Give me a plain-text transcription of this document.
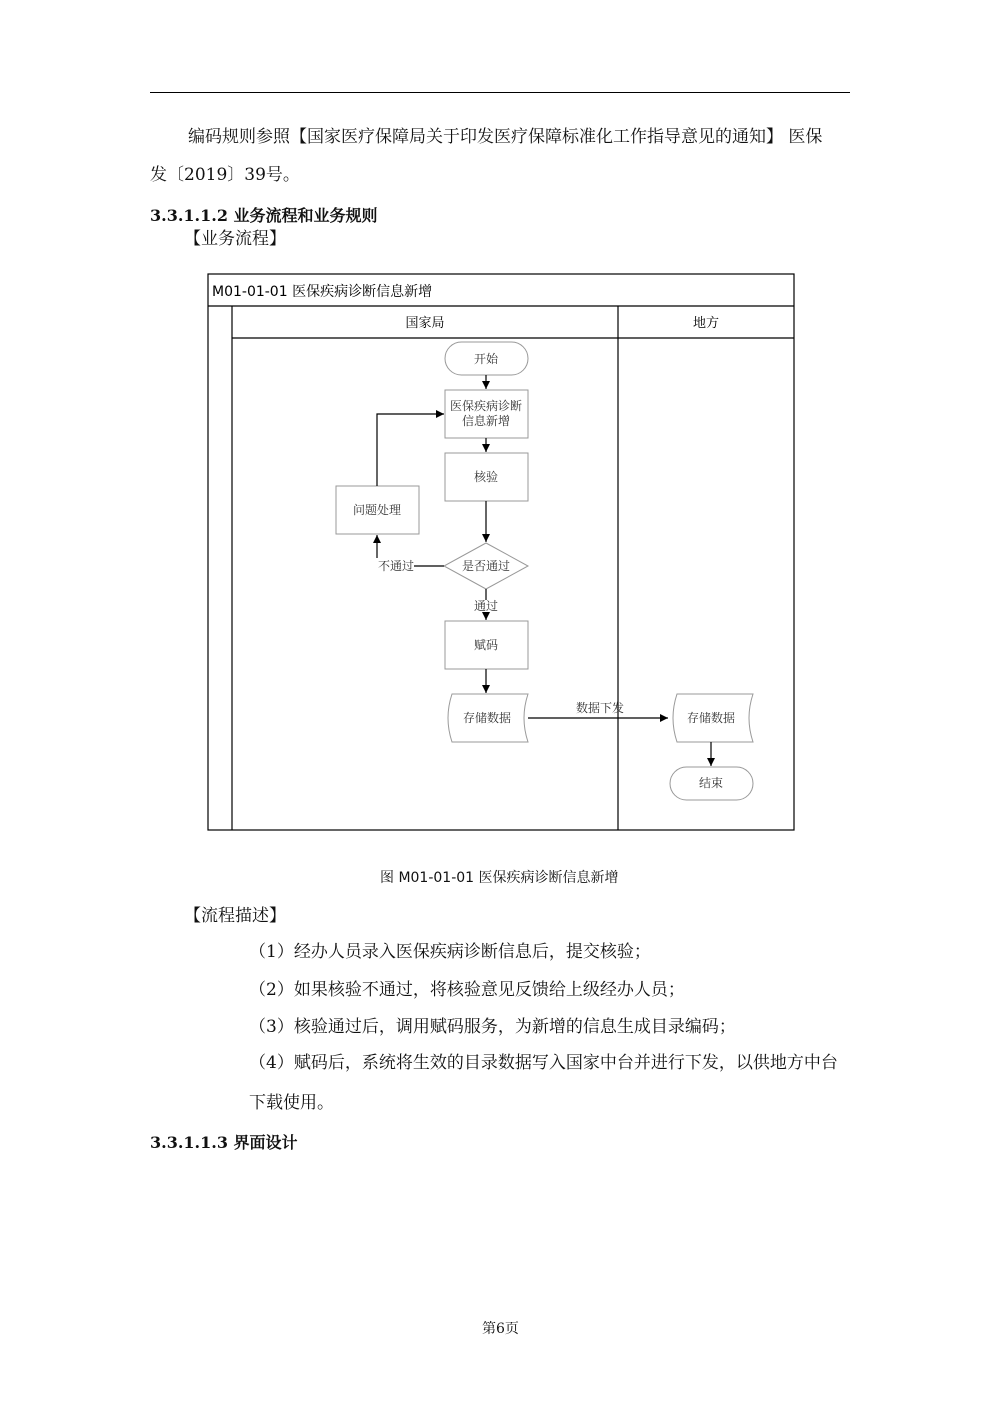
编码规则参照【国家医疗保障局关于印发医疗保障标准化工作指导意见的通知】 医保
发〔2019〕39号。
3.3.1.1.2 业务流程和业务规则
【业务流程】
M01-01-01 医保疾病诊断信息新增
国家局	地方
开始
医保疾病诊断
信息新增
核验
问题处理
是否通过
赋码
存储数据	存储数据
结束
通过
不通过
数据下发
图 M01-01-01 医保疾病诊断信息新增
【流程描述】
（1）经办人员录入医保疾病诊断信息后，提交核验；
（2）如果核验不通过，将核验意见反馈给上级经办人员；
（3）核验通过后，调用赋码服务，为新增的信息生成目录编码；
（4）赋码后，系统将生效的目录数据写入国家中台并进行下发，以供地方中台
下载使用。
3.3.1.1.3 界面设计
第6页
